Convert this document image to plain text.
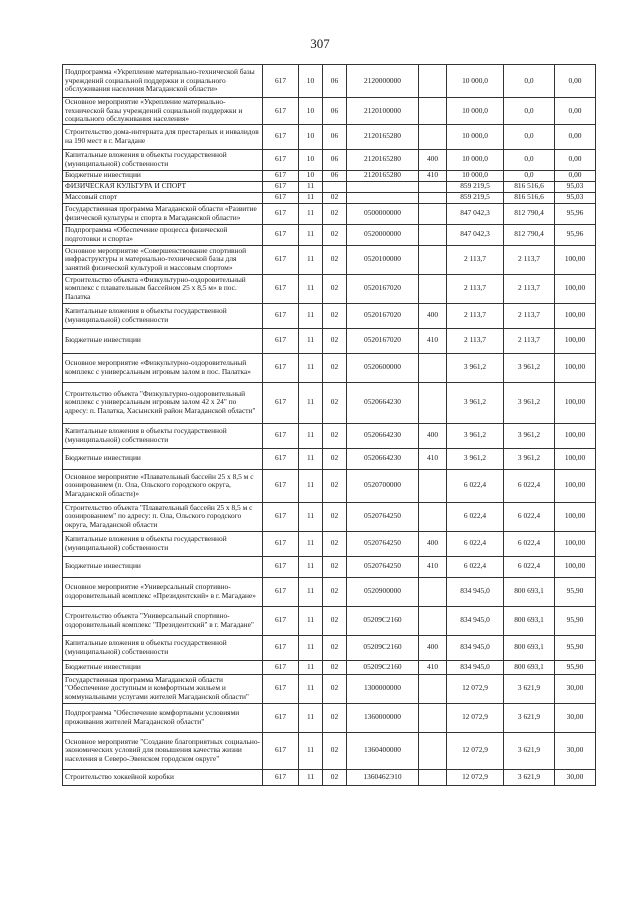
307
Подпрограмма «Укрепление материально-технической базы учреждений социальной поддержки и социального обслуживания населения Магаданской области»	617	10	06	2120000000		10 000,0	0,0	0,00
Основное мероприятие «Укрепление материально-технической базы учреждений социальной поддержки и социального обслуживания населения»	617	10	06	2120100000		10 000,0	0,0	0,00
Строительство дома-интерната для престарелых и инвалидов на 190 мест в г. Магадане	617	10	06	2120165280		10 000,0	0,0	0,00
Капитальные вложения в объекты государственной (муниципальной) собственности	617	10	06	2120165280	400	10 000,0	0,0	0,00
Бюджетные инвестиции	617	10	06	2120165280	410	10 000,0	0,0	0,00
ФИЗИЧЕСКАЯ КУЛЬТУРА И СПОРТ	617	11				859 219,5	816 516,6	95,03
Массовый спорт	617	11	02			859 219,5	816 516,6	95,03
Государственная программа Магаданской области «Развитие физической культуры и спорта в Магаданской области»	617	11	02	0500000000		847 042,3	812 790,4	95,96
Подпрограмма «Обеспечение процесса физической подготовки и спорта»	617	11	02	0520000000		847 042,3	812 790,4	95,96
Основное мероприятие «Совершенствование спортивной инфраструктуры и материально-технической базы для занятий физической культурой и массовым спортом»	617	11	02	0520100000		2 113,7	2 113,7	100,00
Строительство объекта «Физкультурно-оздоровительный комплекс с плавательным бассейном 25 х 8,5 м» в пос. Палатка	617	11	02	0520167020		2 113,7	2 113,7	100,00
Капитальные вложения в объекты государственной (муниципальной) собственности	617	11	02	0520167020	400	2 113,7	2 113,7	100,00
Бюджетные инвестиции	617	11	02	0520167020	410	2 113,7	2 113,7	100,00
Основное мероприятие «Физкультурно-оздоровительный комплекс с универсальным игровым залом в пос. Палатка»	617	11	02	0520600000		3 961,2	3 961,2	100,00
Строительство объекта "Физкультурно-оздоровительный комплекс с универсальным игровым залом 42 х 24" по адресу: п. Палатка, Хасынский район Магаданской области"	617	11	02	0520664230		3 961,2	3 961,2	100,00
Капитальные вложения в объекты государственной (муниципальной) собственности	617	11	02	0520664230	400	3 961,2	3 961,2	100,00
Бюджетные инвестиции	617	11	02	0520664230	410	3 961,2	3 961,2	100,00
Основное мероприятие «Плавательный бассейн 25 х 8,5 м с озонированием (п. Ола, Ольского городского округа, Магаданской области)»	617	11	02	0520700000		6 022,4	6 022,4	100,00
Строительство объекта "Плавательный бассейн 25 х 8,5 м с озонированием" по адресу: п. Ола, Ольского городского округа, Магаданской области	617	11	02	0520764250		6 022,4	6 022,4	100,00
Капитальные вложения в объекты государственной (муниципальной) собственности	617	11	02	0520764250	400	6 022,4	6 022,4	100,00
Бюджетные инвестиции	617	11	02	0520764250	410	6 022,4	6 022,4	100,00
Основное мероприятие «Универсальный спортивно-оздоровительный комплекс «Президентский» в г. Магадане»	617	11	02	0520900000		834 945,0	800 693,1	95,90
Строительство объекта "Универсальный спортивно-оздоровительный комплекс "Президентский" в г. Магадане"	617	11	02	05209С2160		834 945,0	800 693,1	95,90
Капитальные вложения в объекты государственной (муниципальной) собственности	617	11	02	05209С2160	400	834 945,0	800 693,1	95,90
Бюджетные инвестиции	617	11	02	05209С2160	410	834 945,0	800 693,1	95,90
Государственная программа Магаданской области "Обеспечение доступным и комфортным жильем и коммунальными услугами жителей Магаданской области"	617	11	02	1300000000		12 072,9	3 621,9	30,00
Подпрограмма "Обеспечение комфортными условиями проживания жителей Магаданской области"	617	11	02	1360000000		12 072,9	3 621,9	30,00
Основное мероприятие "Создание благоприятных социально-экономических условий для повышения качества жизни населения в Северо-Эвенском городском округе"	617	11	02	1360400000		12 072,9	3 621,9	30,00
Строительство хоккейной коробки	617	11	02	1360462Э10		12 072,9	3 621,9	30,00
